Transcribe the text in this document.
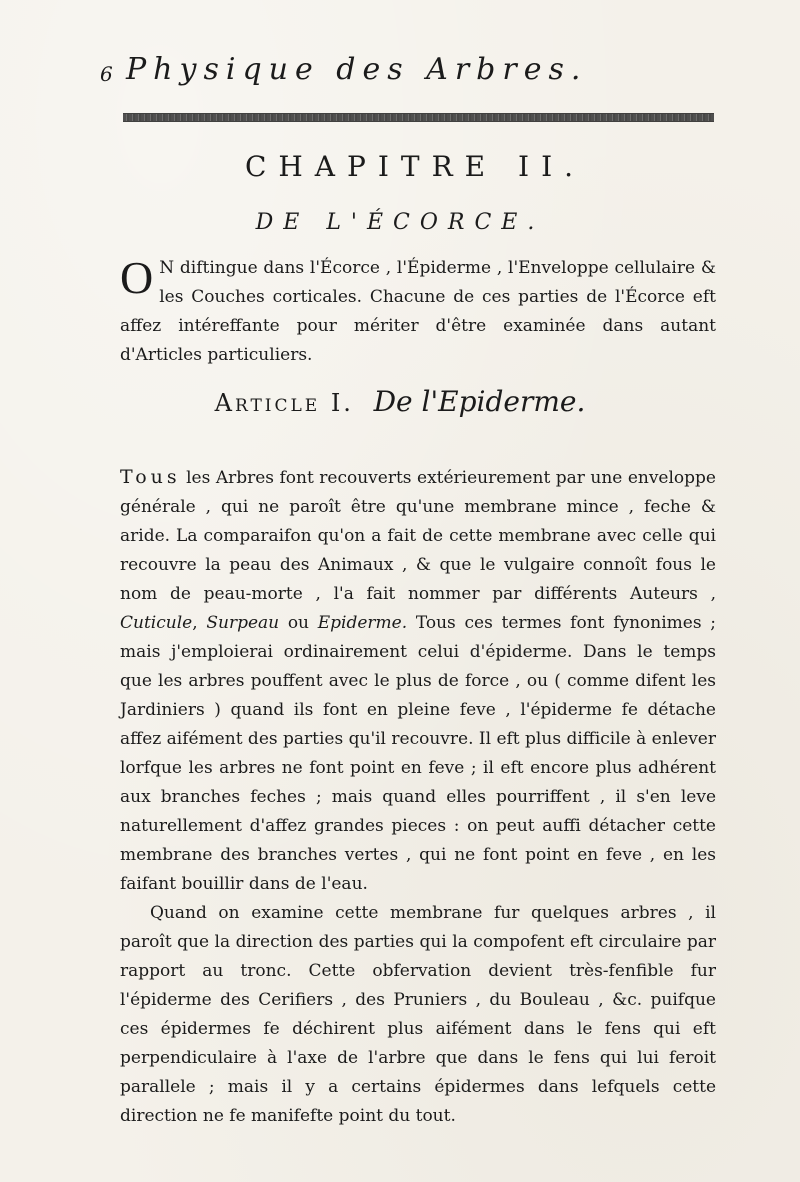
6 Physique des Arbres.
CHAPITRE II.
DE L'ÉCORCE.
O N diftingue dans l'Écorce , l'Épiderme , l'Enveloppe cellulaire & les Couches corticales. Chacune de ces parties de l'Écorce eft affez intéreffante pour mériter d'être examinée dans autant d'Articles particuliers.
Article I. De l'Epiderme.

Tous les Arbres font recouverts extérieurement par une enveloppe générale , qui ne paroît être qu'une membrane mince , feche & aride. La comparaifon qu'on a fait de cette membrane avec celle qui recouvre la peau des Animaux , & que le vulgaire connoît fous le nom de peau-morte , l'a fait nommer par différents Auteurs , Cuticule, Surpeau ou Epiderme. Tous ces termes font fynonimes ; mais j'emploierai ordinairement celui d'épiderme. Dans le temps que les arbres pouffent avec le plus de force , ou ( comme difent les Jardiniers ) quand ils font en pleine feve , l'épiderme fe détache affez aifément des parties qu'il recouvre. Il eft plus difficile à enlever lorfque les arbres ne font point en feve ; il eft encore plus adhérent aux branches feches ; mais quand elles pourriffent , il s'en leve naturellement d'affez grandes pieces : on peut auffi détacher cette membrane des branches vertes , qui ne font point en feve , en les faifant bouillir dans de l'eau.

Quand on examine cette membrane fur quelques arbres , il paroît que la direction des parties qui la compofent eft circulaire par rapport au tronc. Cette obfervation devient très-fenfible fur l'épiderme des Cerifiers , des Pruniers , du Bouleau , &c. puifque ces épidermes fe déchirent plus aifément dans le fens qui eft perpendiculaire à l'axe de l'arbre que dans le fens qui lui feroit parallele ; mais il y a certains épidermes dans lefquels cette direction ne fe manifefte point du tout.
